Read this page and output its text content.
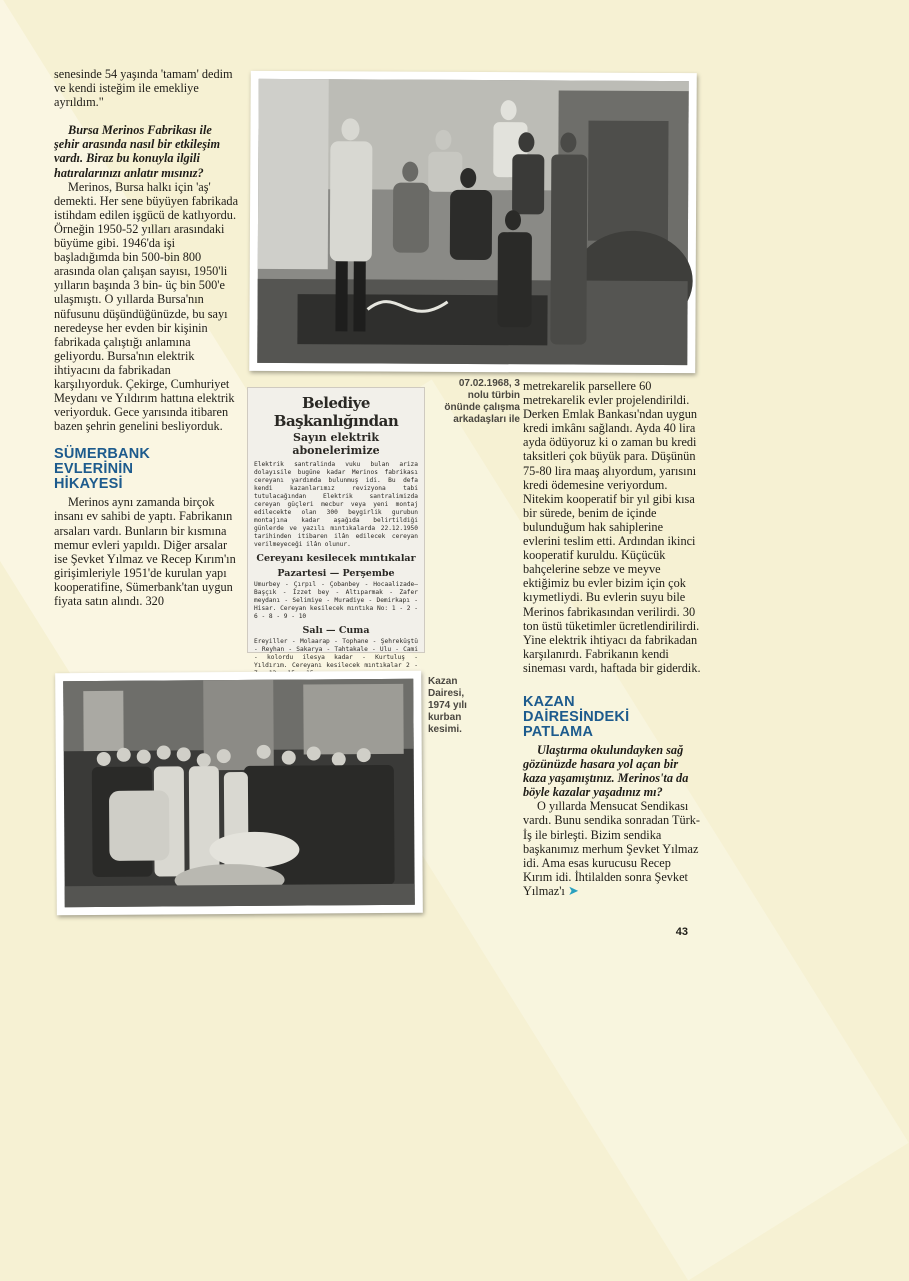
senesinde 54 yaşında 'tamam' dedim ve kendi isteğim ile emekliye ayrıldım."

Bursa Merinos Fabrikası ile şehir arasında nasıl bir etkileşim vardı. Biraz bu konuyla ilgili hatıralarınızı anlatır mısınız?

Merinos, Bursa halkı için 'aş' demekti. Her sene büyüyen fabrikada istihdam edilen işgücü de katlıyordu. Örneğin 1950-52 yılları arasındaki büyüme gibi. 1946'da işi başladığımda bin 500-bin 800 arasında olan çalışan sayısı, 1950'li yılların başında 3 bin- üç bin 500'e ulaşmıştı. O yıllarda Bursa'nın nüfusunu düşündüğünüzde, bu sayı neredeyse her evden bir kişinin fabrikada çalıştığı anlamına geliyordu. Bursa'nın elektrik ihtiyacını da fabrikadan karşılıyorduk. Çekirge, Cumhuriyet Meydanı ve Yıldırım hattına elektrik veriyorduk. Gece yarısında itibaren bazen şehrin genelini besliyorduk.

SÜMERBANK EVLERİNİN HİKAYESİ

Merinos aynı zamanda birçok insanı ev sahibi de yaptı. Fabrikanın arsaları vardı. Bunların bir kısmına memur evleri yapıldı. Diğer arsalar ise Şevket Yılmaz ve Recep Kırım'ın girişimleriyle 1951'de kurulan yapı kooperatifine, Sümerbank'tan uygun fiyata satın alındı. 320

07.02.1968, 3 nolu türbin önünde çalışma arkadaşları ile
Belediye Başkanlığından
Sayın elektrik abonelerimize
Elektrik santralinda vuku bulan ariza dolayısile bugüne kadar Merinos fabrikası cereyanı yardımda bulunmuş idi. Bu defa kendi kazanlarımız revizyona tabi tutulacağından Elektrik santralimizda cereyan güçleri mecbur veya yeni montaj edilecekte olan 300 beygirlik gurubun montajına kadar aşağıda belirtildiği günlerde ve yazılı mıntıkalarda 22.12.1950 tarihinden itibaren ilân edilecek cereyan verilmeyeceği ilân olunur.
Cereyanı kesilecek mıntıkalar
Pazartesi — Perşembe
Umurbey - Çırpıl - Çobanbey - Hocaalizade—Başçık - İzzet bey - Altıparmak - Zafer meydanı - Selimiye - Muradiye - Demirkapı - Hisar. Cereyan kesilecek mıntıka No: 1 - 2 - 6 - 8 - 9 - 10
Salı — Cuma
Ereyiller - Molaarap - Tophane - Şehreküştü - Reyhan - Sakarya - Tahtakale - Ulu - Cami - kolordu ilesya kadar - Kurtuluş - Yıldırım. Cereyanı kesilecek mıntıkalar 2 -
Kazan Dairesi, 1974 yılı kurban kesimi.

metrekarelik parsellere 60 metrekarelik evler projelendirildi. Derken Emlak Bankası'ndan uygun kredi imkânı sağlandı. Ayda 40 lira ayda ödüyoruz ki o zaman bu kredi taksitleri çok büyük para. Düşünün 75-80 lira maaş alıyordum, yarısını kredi ödemesine veriyordum. Nitekim kooperatif bir yıl gibi kısa bir sürede, benim de içinde bulunduğum hak sahiplerine evlerini teslim etti. Ardından ikinci kooperatif kuruldu. Küçücük bahçelerine sebze ve meyve ektiğimiz bu evler bizim için çok kıymetliydi. Bu evlerin suyu bile Merinos fabrikasından verilirdi. 30 ton üstü tüketimler ücretlendirilirdi. Yine elektrik ihtiyacı da fabrikadan karşılanırdı. Fabrikanın kendi sineması vardı, haftada bir giderdik.

KAZAN DAİRESİNDEKİ PATLAMA

Ulaştırma okulundayken sağ gözünüzde hasara yol açan bir kaza yaşamıştınız. Merinos'ta da böyle kazalar yaşadınız mı?

O yıllarda Mensucat Sendikası vardı. Bunu sendika sonradan Türk-İş ile birleşti. Bizim sendika başkanımız merhum Şevket Yılmaz idi. Ama esas kurucusu Recep Kırım idi. İhtilalden sonra Şevket Yılmaz'ı ➤

43
